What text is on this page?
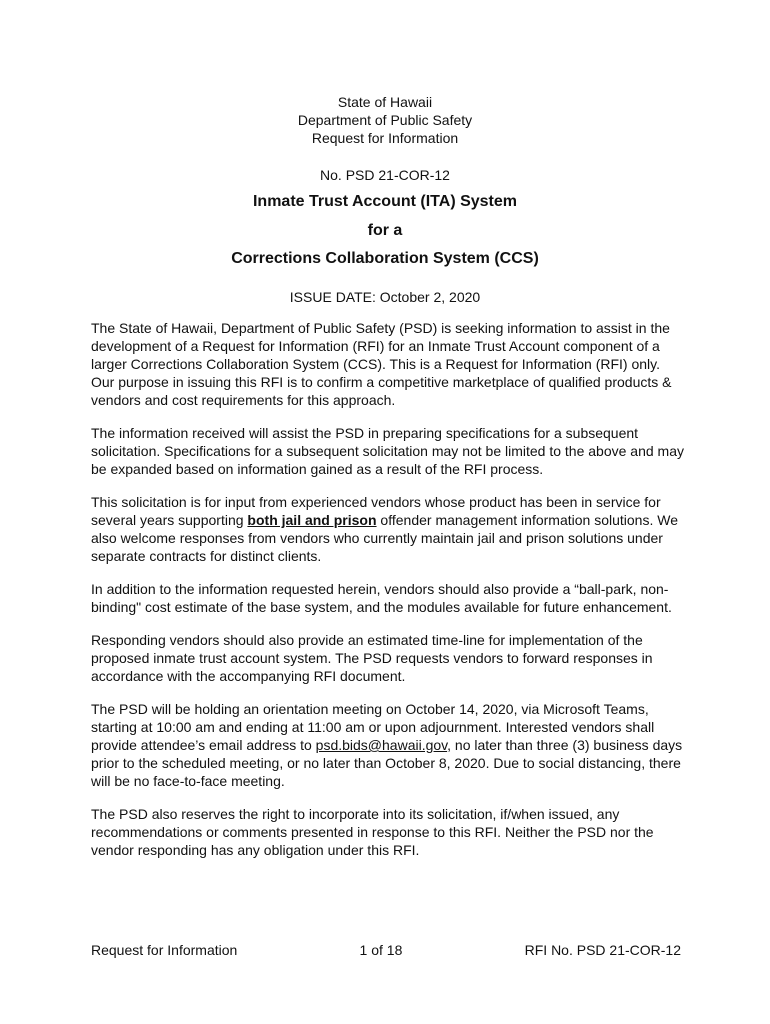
State of Hawaii
Department of Public Safety
Request for Information
No. PSD 21-COR-12
Inmate Trust Account (ITA) System
for a
Corrections Collaboration System (CCS)
ISSUE DATE: October 2, 2020

The State of Hawaii, Department of Public Safety (PSD) is seeking information to assist in the development of a Request for Information (RFI) for an Inmate Trust Account component of a larger Corrections Collaboration System (CCS). This is a Request for Information (RFI) only. Our purpose in issuing this RFI is to confirm a competitive marketplace of qualified products & vendors and cost requirements for this approach.

The information received will assist the PSD in preparing specifications for a subsequent solicitation. Specifications for a subsequent solicitation may not be limited to the above and may be expanded based on information gained as a result of the RFI process.

This solicitation is for input from experienced vendors whose product has been in service for several years supporting both jail and prison offender management information solutions. We also welcome responses from vendors who currently maintain jail and prison solutions under separate contracts for distinct clients.

In addition to the information requested herein, vendors should also provide a “ball-park, non-binding" cost estimate of the base system, and the modules available for future enhancement.

Responding vendors should also provide an estimated time-line for implementation of the proposed inmate trust account system. The PSD requests vendors to forward responses in accordance with the accompanying RFI document.

The PSD will be holding an orientation meeting on October 14, 2020, via Microsoft Teams, starting at 10:00 am and ending at 11:00 am or upon adjournment. Interested vendors shall provide attendee’s email address to psd.bids@hawaii.gov, no later than three (3) business days prior to the scheduled meeting, or no later than October 8, 2020. Due to social distancing, there will be no face-to-face meeting.

The PSD also reserves the right to incorporate into its solicitation, if/when issued, any recommendations or comments presented in response to this RFI. Neither the PSD nor the vendor responding has any obligation under this RFI.

Request for Information	1 of 18	RFI No. PSD 21-COR-12
